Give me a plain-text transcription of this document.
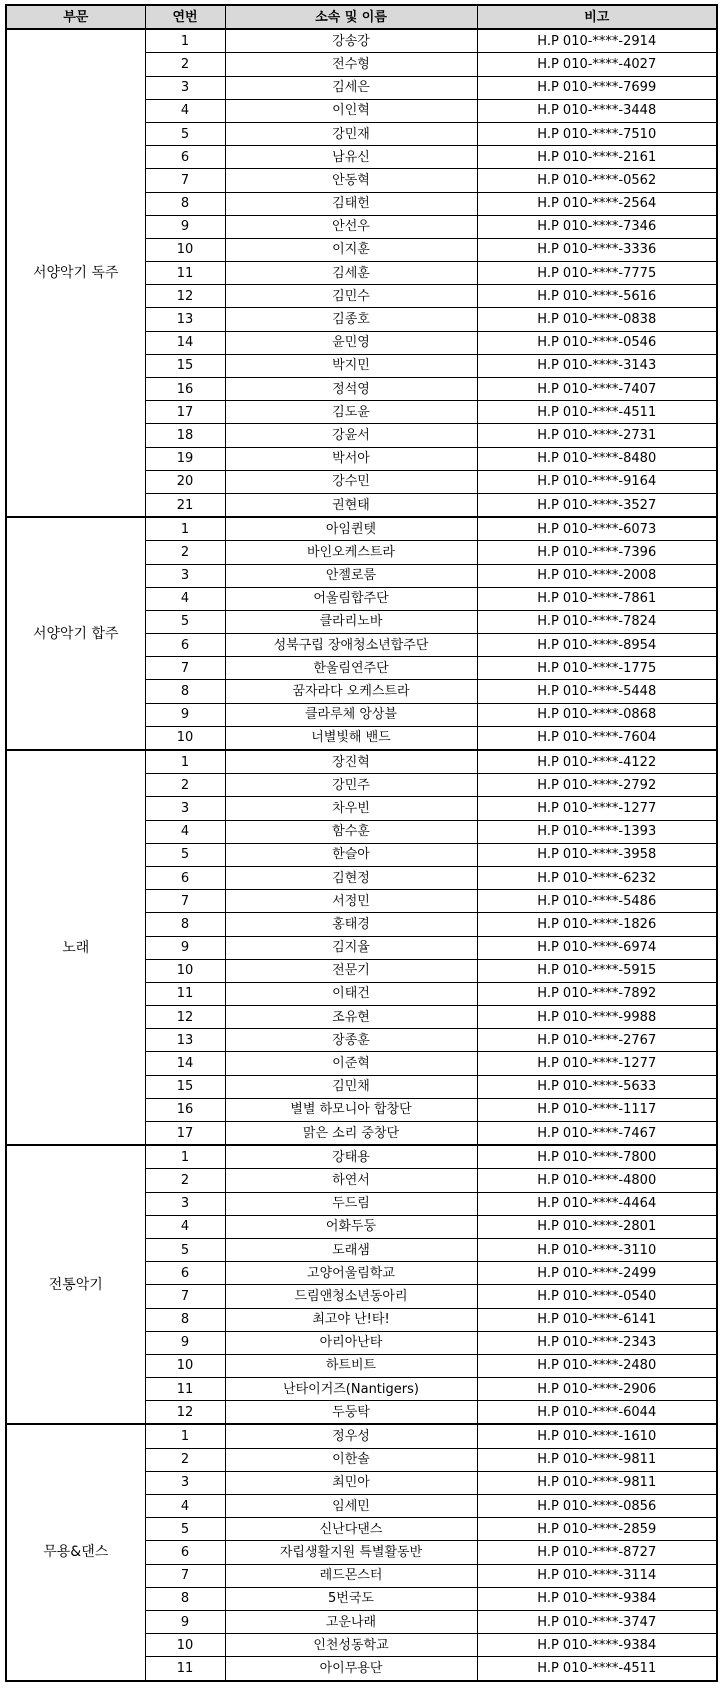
부문	연번	소속 및 이름	비고
서양악기 독주	1	강송강	H.P 010-****-2914
	2	전수형	H.P 010-****-4027
	3	김세은	H.P 010-****-7699
	4	이인혁	H.P 010-****-3448
	5	강민재	H.P 010-****-7510
	6	남유신	H.P 010-****-2161
	7	안동혁	H.P 010-****-0562
	8	김태헌	H.P 010-****-2564
	9	안선우	H.P 010-****-7346
	10	이지훈	H.P 010-****-3336
	11	김세훈	H.P 010-****-7775
	12	김민수	H.P 010-****-5616
	13	김종호	H.P 010-****-0838
	14	윤민영	H.P 010-****-0546
	15	박지민	H.P 010-****-3143
	16	정석영	H.P 010-****-7407
	17	김도윤	H.P 010-****-4511
	18	강윤서	H.P 010-****-2731
	19	박서아	H.P 010-****-8480
	20	강수민	H.P 010-****-9164
	21	권현태	H.P 010-****-3527
서양악기 합주	1	아임퀸텟	H.P 010-****-6073
	2	바인오케스트라	H.P 010-****-7396
	3	안젤로룸	H.P 010-****-2008
	4	어울림합주단	H.P 010-****-7861
	5	클라리노바	H.P 010-****-7824
	6	성북구립 장애청소년합주단	H.P 010-****-8954
	7	한울림연주단	H.P 010-****-1775
	8	꿈자라다 오케스트라	H.P 010-****-5448
	9	클라루체 앙상블	H.P 010-****-0868
	10	너별빛해 밴드	H.P 010-****-7604
노래	1	장진혁	H.P 010-****-4122
	2	강민주	H.P 010-****-2792
	3	차우빈	H.P 010-****-1277
	4	함수훈	H.P 010-****-1393
	5	한슬아	H.P 010-****-3958
	6	김현정	H.P 010-****-6232
	7	서정민	H.P 010-****-5486
	8	홍태경	H.P 010-****-1826
	9	김지율	H.P 010-****-6974
	10	전문기	H.P 010-****-5915
	11	이태건	H.P 010-****-7892
	12	조유현	H.P 010-****-9988
	13	장종훈	H.P 010-****-2767
	14	이준혁	H.P 010-****-1277
	15	김민채	H.P 010-****-5633
	16	별별 하모니아 합창단	H.P 010-****-1117
	17	맑은 소리 중창단	H.P 010-****-7467
전통악기	1	강태용	H.P 010-****-7800
	2	하연서	H.P 010-****-4800
	3	두드림	H.P 010-****-4464
	4	어화두둥	H.P 010-****-2801
	5	도래샘	H.P 010-****-3110
	6	고양어울림학교	H.P 010-****-2499
	7	드림앤청소년동아리	H.P 010-****-0540
	8	최고야 난!타!	H.P 010-****-6141
	9	아리아난타	H.P 010-****-2343
	10	하트비트	H.P 010-****-2480
	11	난타이거즈(Nantigers)	H.P 010-****-2906
	12	두둥탁	H.P 010-****-6044
무용&댄스	1	정우성	H.P 010-****-1610
	2	이한솔	H.P 010-****-9811
	3	최민아	H.P 010-****-9811
	4	임세민	H.P 010-****-0856
	5	신난다댄스	H.P 010-****-2859
	6	자립생활지원 특별활동반	H.P 010-****-8727
	7	레드몬스터	H.P 010-****-3114
	8	5번국도	H.P 010-****-9384
	9	고운나래	H.P 010-****-3747
	10	인천성동학교	H.P 010-****-9384
	11	아이무용단	H.P 010-****-4511
